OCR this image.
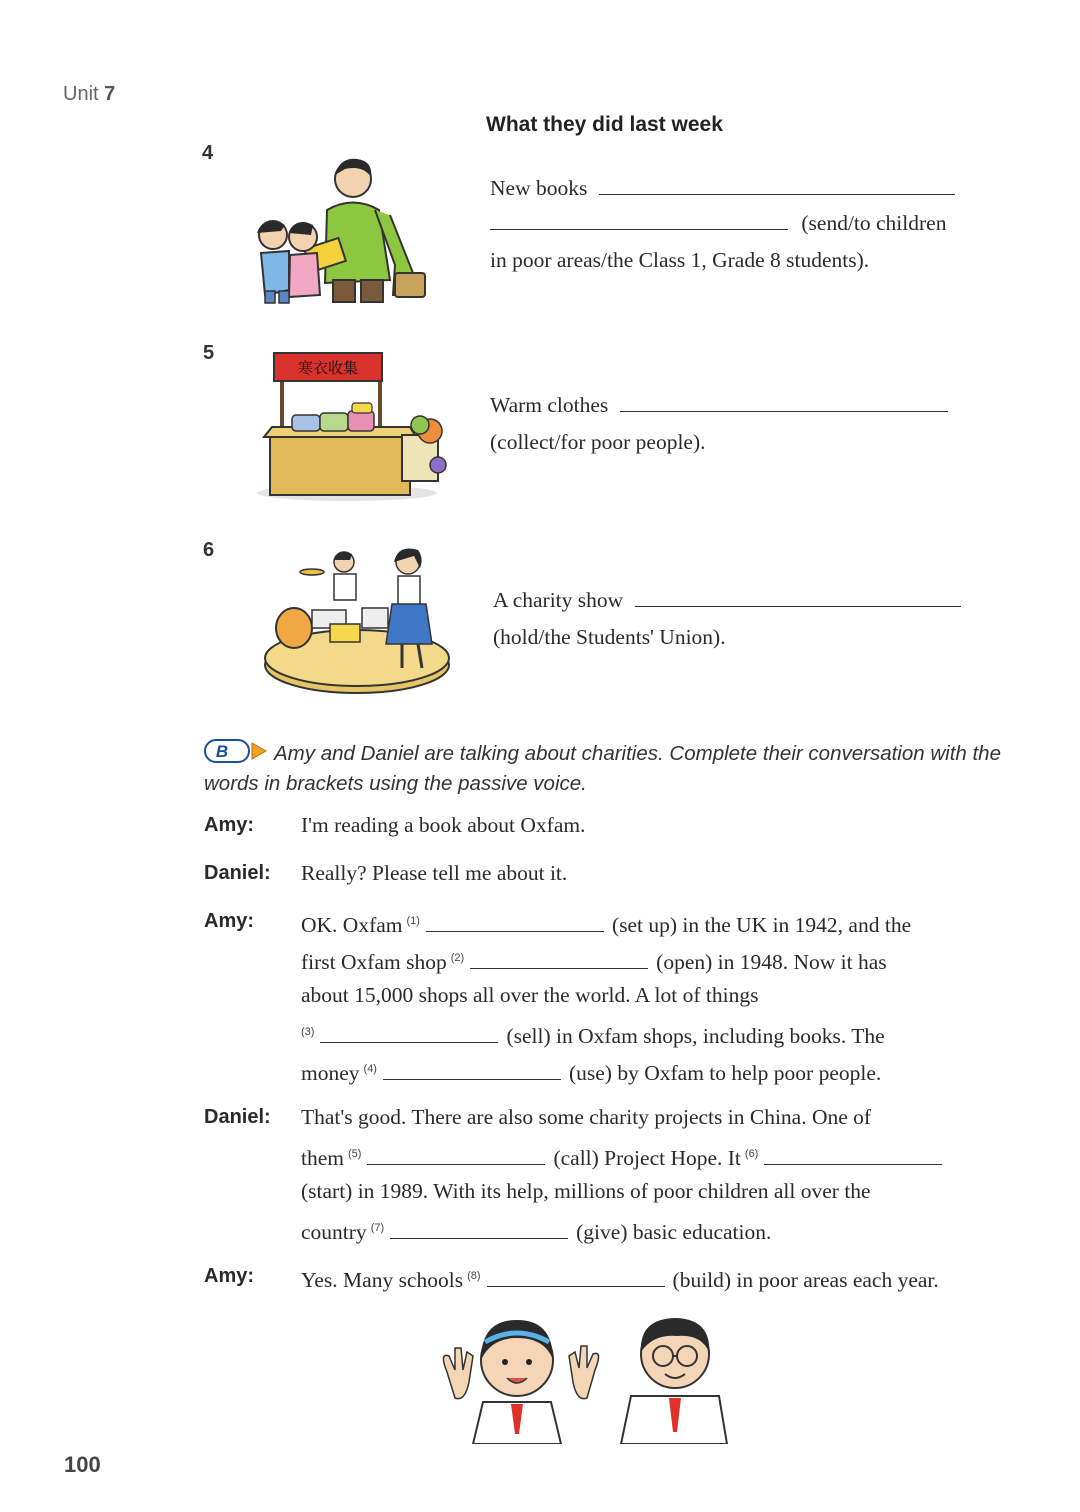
Unit 7
What they did last week
4
New books
(send/to children
in poor areas/the Class 1, Grade 8 students).
5
寒衣收集
Warm clothes
(collect/for poor people).
6
A charity show
(hold/the Students' Union).
B Amy and Daniel are talking about charities. Complete their conversation with the words in brackets using the passive voice.
Amy: I'm reading a book about Oxfam.
Daniel: Really? Please tell me about it.
Amy: OK. Oxfam $^{(1)}$	(set up) in the UK in 1942, and the
first Oxfam shop $^{(2)}$	(open) in 1948. Now it has
about 15,000 shops all over the world. A lot of things
$^{(3)}$	(sell) in Oxfam shops, including books. The
money $^{(4)}$	(use) by Oxfam to help poor people.
Daniel: That's good. There are also some charity projects in China. One of
them $^{(5)}$	(call) Project Hope. It $^{(6)}$
(start) in 1989. With its help, millions of poor children all over the
country $^{(7)}$	(give) basic education.
Amy: Yes. Many schools $^{(8)}$	(build) in poor areas each year.
100
